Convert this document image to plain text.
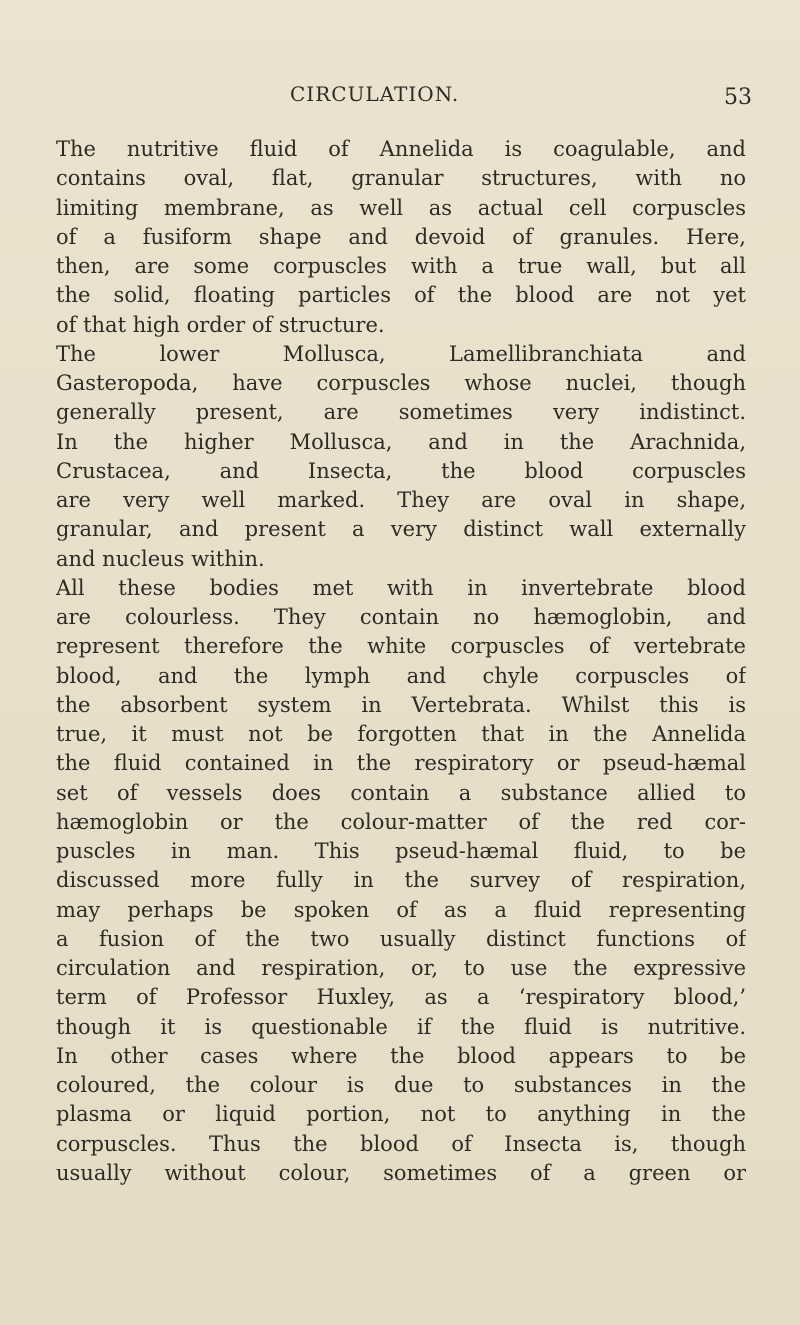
CIRCULATION.	53
The nutritive fluid of Annelida is coagulable, and
contains oval, flat, granular structures, with no
limiting membrane, as well as actual cell corpuscles
of a fusiform shape and devoid of granules. Here,
then, are some corpuscles with a true wall, but all
the solid, floating particles of the blood are not yet
of that high order of structure.
The lower Mollusca, Lamellibranchiata and
Gasteropoda, have corpuscles whose nuclei, though
generally present, are sometimes very indistinct.
In the higher Mollusca, and in the Arachnida,
Crustacea, and Insecta, the blood corpuscles
are very well marked. They are oval in shape,
granular, and present a very distinct wall externally
and nucleus within.
All these bodies met with in invertebrate blood
are colourless. They contain no hæmoglobin, and
represent therefore the white corpuscles of vertebrate
blood, and the lymph and chyle corpuscles of
the absorbent system in Vertebrata. Whilst this is
true, it must not be forgotten that in the Annelida
the fluid contained in the respiratory or pseud-hæmal
set of vessels does contain a substance allied to
hæmoglobin or the colour-matter of the red cor-
puscles in man. This pseud-hæmal fluid, to be
discussed more fully in the survey of respiration,
may perhaps be spoken of as a fluid representing
a fusion of the two usually distinct functions of
circulation and respiration, or, to use the expressive
term of Professor Huxley, as a ‘respiratory blood,’
though it is questionable if the fluid is nutritive.
In other cases where the blood appears to be
coloured, the colour is due to substances in the
plasma or liquid portion, not to anything in the
corpuscles. Thus the blood of Insecta is, though
usually without colour, sometimes of a green or
